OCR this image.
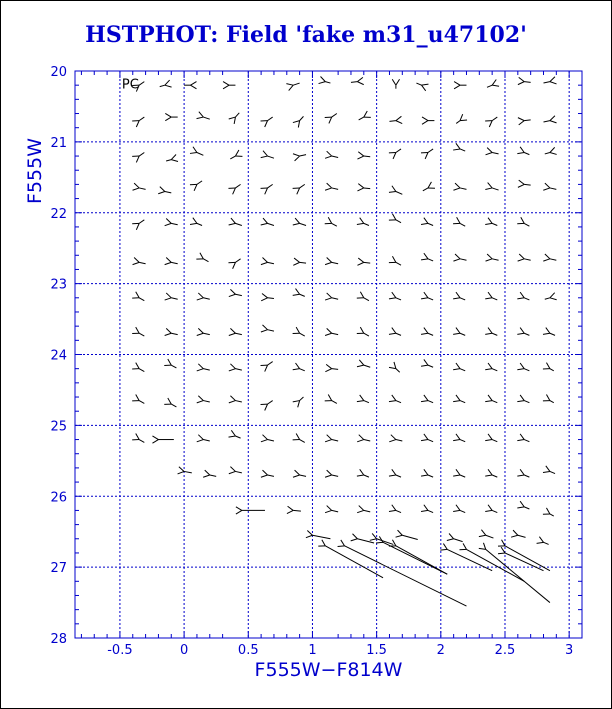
HSTPHOT: Field 'fake m31_u47102'
-0.5	0	0.5	1	1.5	2	2.5	3
20
21
22
23
24
25
26
27
28
PC
F555W−F814W
F555W
